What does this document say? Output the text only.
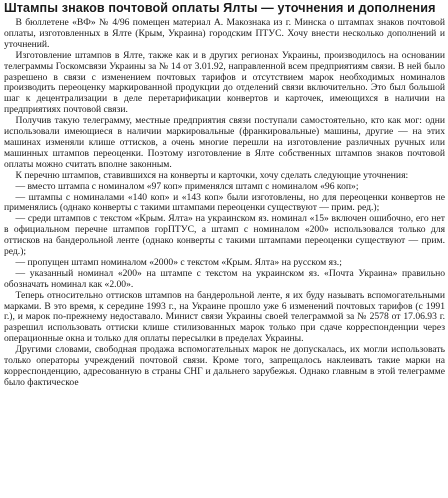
Штампы знаков почтовой оплаты Ялты — уточнения и дополнения

В бюллетене «ВФ» № 4/96 помещен материал А. Макознака из г. Минска о штампах знаков почтовой оплаты, изготовленных в Ялте (Крым, Украина) городским ПТУС. Хочу внести несколько дополнений и уточнений.

Изготовление штампов в Ялте, также как и в других регионах Украины, производилось на основании телеграммы Госкомсвязи Украины за № 14 от 3.01.92, направленной всем предприятиям связи. В ней было разрешено в связи с изменением почтовых тарифов и отсутствием марок необходимых номиналов производить переоценку маркированной продукции до отделений связи включительно. Это был большой шаг к децентрализации в деле перетарификации конвертов и карточек, имеющихся в наличии на предприятиях почтовой связи.

Получив такую телеграмму, местные предприятия связи поступали самостоятельно, кто как мог: одни использовали имеющиеся в наличии маркировальные (франкировальные) машины, другие — на этих машинах изменяли клише оттисков, а очень многие перешли на изготовление различных ручных или машинных штампов переоценки. Поэтому изготовление в Ялте собственных штампов знаков почтовой оплаты можно считать вполне законным.

К перечню штампов, ставившихся на конверты и карточки, хочу сделать следующие уточнения:

— вместо штампа с номиналом «97 коп» применялся штамп с номиналом «96 коп»;

— штампы с номиналами «140 коп» и «143 коп» были изготовлены, но для переоценки конвертов не применялись (однако конверты с такими штампами переоценки существуют — прим. ред.);

— среди штампов с текстом «Крым. Ялта» на украинском яз. номинал «15» включен ошибочно, его нет в официальном перечне штампов горПТУС, а штамп с номиналом «200» использовался только для оттисков на бандерольной ленте (однако конверты с такими штампами переоценки существуют — прим. ред.);

— пропущен штамп номиналом «2000» с текстом «Крым. Ялта» на русском яз.;

— указанный номинал «200» на штампе с текстом на украинском яз. «Почта Украина» правильно обозначать номинал как «2.00».

Теперь относительно оттисков штампов на бандерольной ленте, я их буду называть вспомогательными марками. В это время, к середине 1993 г., на Украине прошло уже 6 изменений почтовых тарифов (с 1991 г.), и марок по-прежнему недоставало. Минист связи Украины своей телеграммой за № 2578 от 17.06.93 г. разрешил использовать оттиски клише стилизованных марок только при сдаче корреспонденции через операционные окна и только для оплаты пересылки в пределах Украины.

Другими словами, свободная продажа вспомогательных марок не допускалась, их могли использовать только операторы учреждений почтовой связи. Кроме того, запрещалось наклеивать такие марки на корреспонденцию, адресованную в страны СНГ и дальнего зарубежья. Однако главным в этой телеграмме было фактическое
